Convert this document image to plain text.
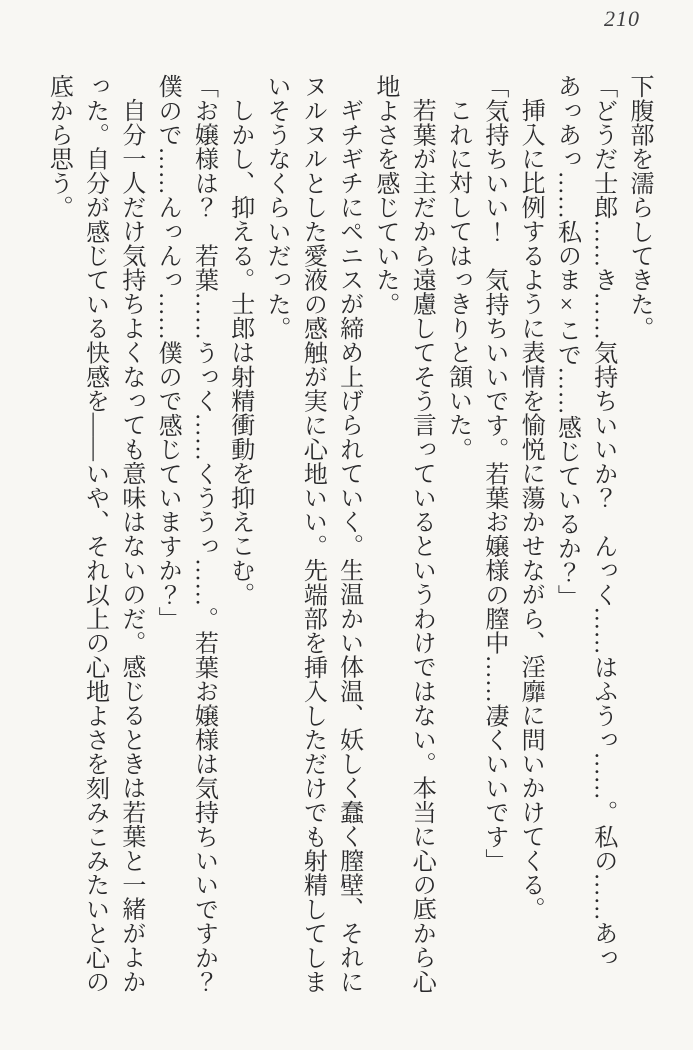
210
下腹部を濡らしてきた。
「どうだ士郎……き……気持ちいいか？　んっく……はふうっ……。私の……あっ
あっあっ……私のま×こで……感じているか？」
挿入に比例するように表情を愉悦に蕩かせながら、淫靡に問いかけてくる。
「気持ちいい！　気持ちいいです。若葉お嬢様の膣中……凄くいいです」
これに対してはっきりと頷いた。
若葉が主だから遠慮してそう言っているというわけではない。本当に心の底から心
地よさを感じていた。
ギチギチにペニスが締め上げられていく。生温かい体温、妖しく蠢く膣壁、それに
ヌルヌルとした愛液の感触が実に心地いい。先端部を挿入しただけでも射精してしま
いそうなくらいだった。
しかし、抑える。士郎は射精衝動を抑えこむ。
「お嬢様は？　若葉……うっく……くううっ……。若葉お嬢様は気持ちいいですか？
僕ので……んっんっ……僕ので感じていますか？」
自分一人だけ気持ちよくなっても意味はないのだ。感じるときは若葉と一緒がよか
った。自分が感じている快感を――いや、それ以上の心地よさを刻みこみたいと心の
底から思う。
